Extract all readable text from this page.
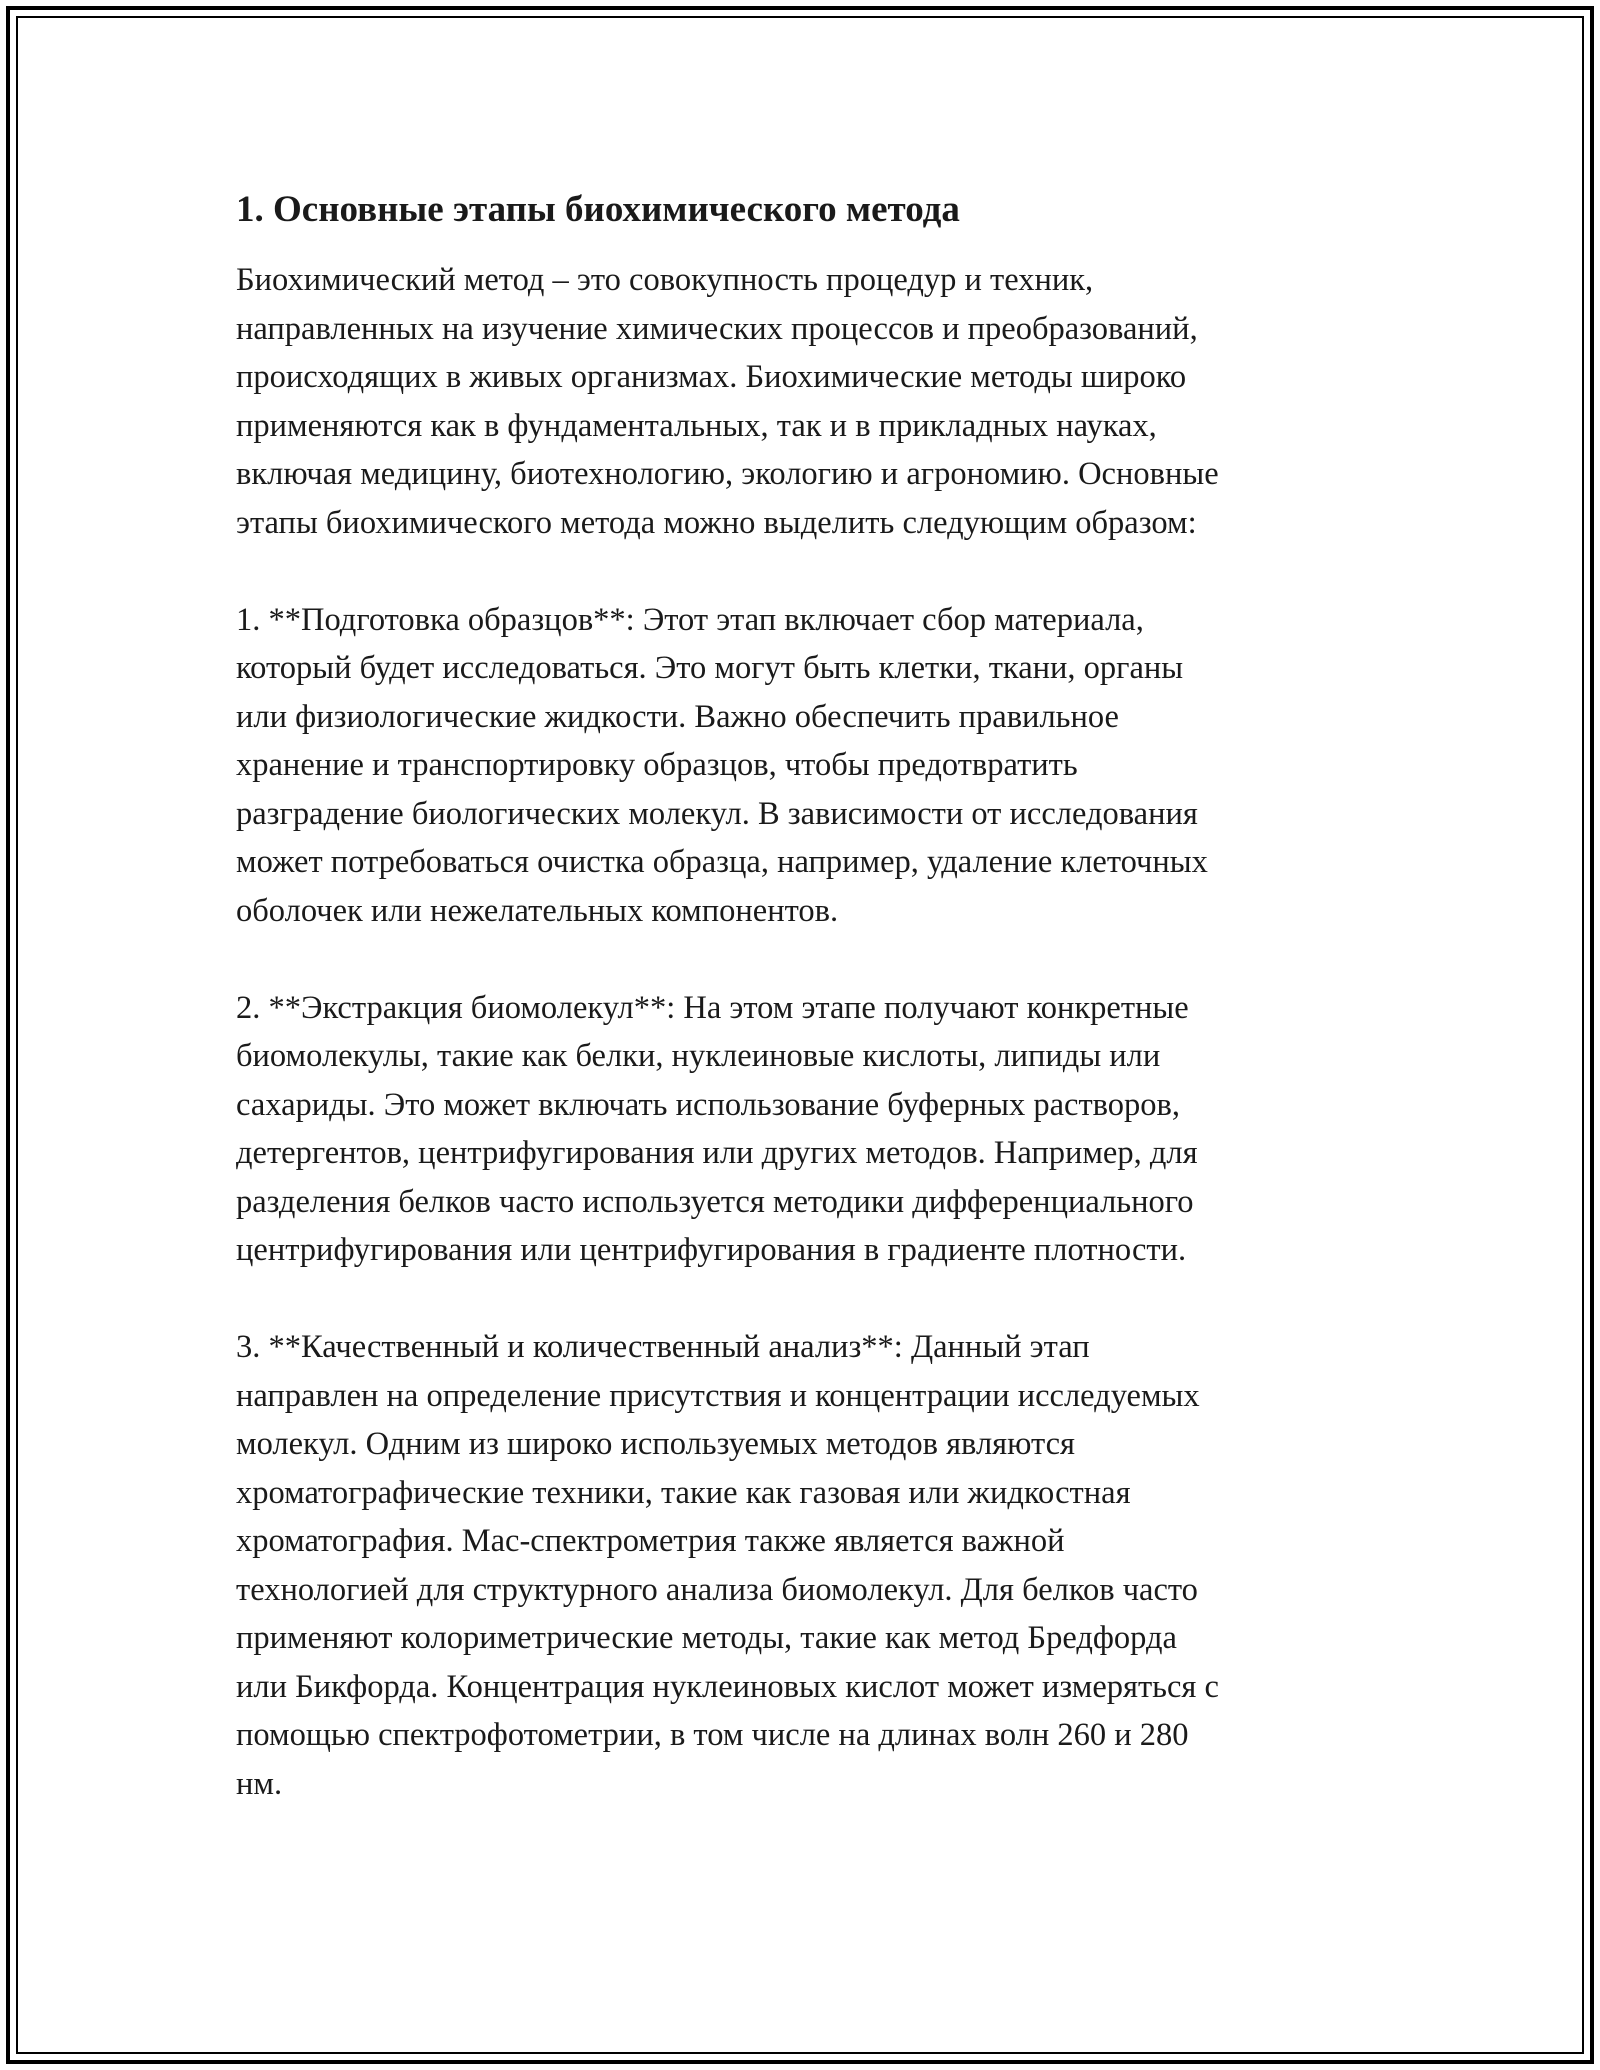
1. Основные этапы биохимического метода

Биохимический метод – это совокупность процедур и техник,
направленных на изучение химических процессов и преобразований,
происходящих в живых организмах. Биохимические методы широко
применяются как в фундаментальных, так и в прикладных науках,
включая медицину, биотехнологию, экологию и агрономию. Основные
этапы биохимического метода можно выделить следующим образом:

1. **Подготовка образцов**: Этот этап включает сбор материала,
который будет исследоваться. Это могут быть клетки, ткани, органы
или физиологические жидкости. Важно обеспечить правильное
хранение и транспортировку образцов, чтобы предотвратить
разградение биологических молекул. В зависимости от исследования
может потребоваться очистка образца, например, удаление клеточных
оболочек или нежелательных компонентов.

2. **Экстракция биомолекул**: На этом этапе получают конкретные
биомолекулы, такие как белки, нуклеиновые кислоты, липиды или
сахариды. Это может включать использование буферных растворов,
детергентов, центрифугирования или других методов. Например, для
разделения белков часто используется методики дифференциального
центрифугирования или центрифугирования в градиенте плотности.

3. **Качественный и количественный анализ**: Данный этап
направлен на определение присутствия и концентрации исследуемых
молекул. Одним из широко используемых методов являются
хроматографические техники, такие как газовая или жидкостная
хроматография. Мас-спектрометрия также является важной
технологией для структурного анализа биомолекул. Для белков часто
применяют колориметрические методы, такие как метод Бредфорда
или Бикфорда. Концентрация нуклеиновых кислот может измеряться с
помощью спектрофотометрии, в том числе на длинах волн 260 и 280
нм.
